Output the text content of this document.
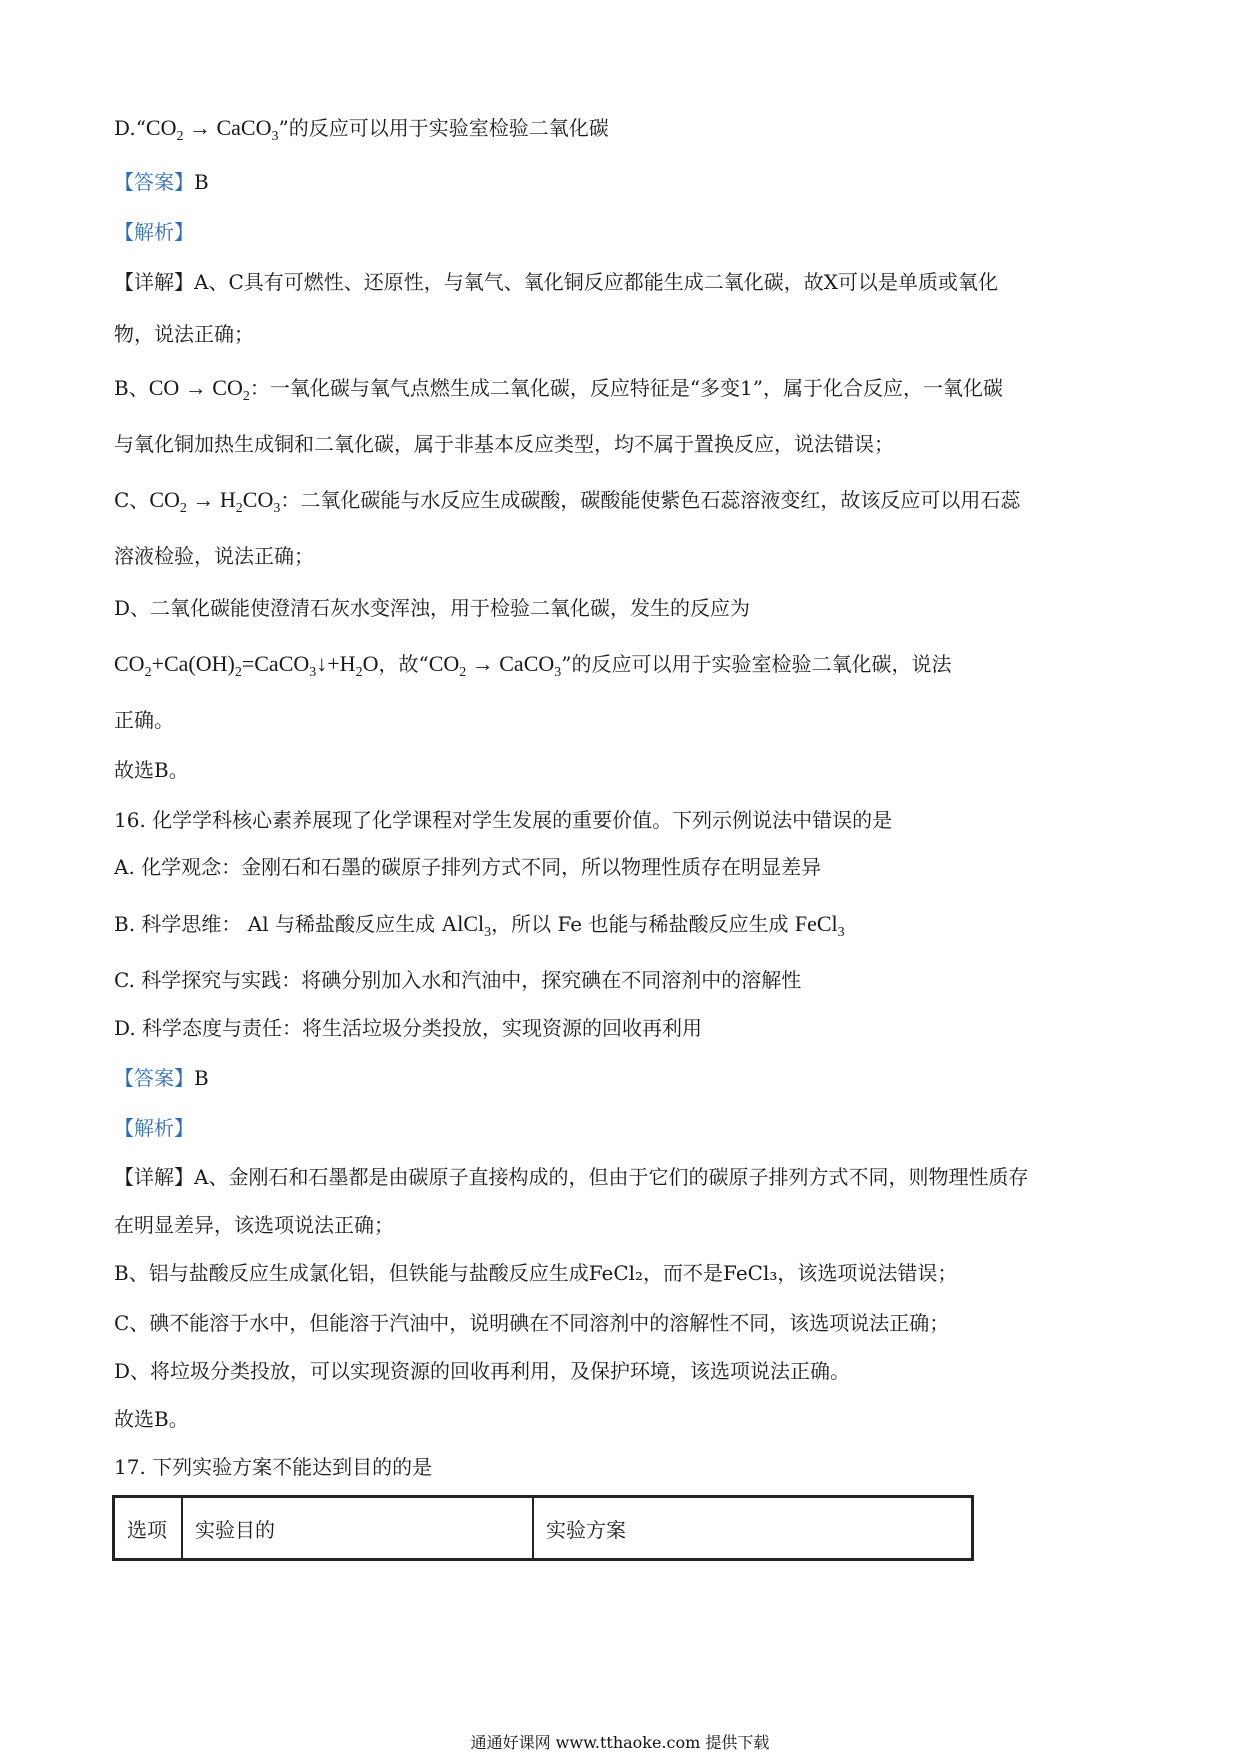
$D.“CO_2$ → CaCO$_3$”的反应可以用于实验室检验二氧化碳
【答案】B
【解析】
【详解】A、C具有可燃性、还原性，与氧气、氧化铜反应都能生成二氧化碳，故X可以是单质或氧化
物，说法正确；
B、CO → $CO_2$：一氧化碳与氧气点燃生成二氧化碳，反应特征是“多变1”，属于化合反应，一氧化碳
与氧化铜加热生成铜和二氧化碳，属于非基本反应类型，均不属于置换反应，说法错误；
C、$CO_2 \to H_2CO_3$：二氧化碳能与水反应生成碳酸，碳酸能使紫色石蕊溶液变红，故该反应可以用石蕊
溶液检验，说法正确；
D、二氧化碳能使澄清石灰水变浑浊，用于检验二氧化碳，发生的反应为
$CO_2+Ca(OH)_2=CaCO_3↓+H_2O$，故“$CO_2$ → CaCO$_3$”的反应可以用于实验室检验二氧化碳，说法
正确。
故选B。
16. 化学学科核心素养展现了化学课程对学生发展的重要价值。下列示例说法中错误的是
A. 化学观念：金刚石和石墨的碳原子排列方式不同，所以物理性质存在明显差异
B. 科学思维： Al 与稀盐酸反应生成 AlCl$_3$，所以 Fe 也能与稀盐酸反应生成 FeCl$_3$
C. 科学探究与实践：将碘分别加入水和汽油中，探究碘在不同溶剂中的溶解性
D. 科学态度与责任：将生活垃圾分类投放，实现资源的回收再利用
【答案】B
【解析】
【详解】A、金刚石和石墨都是由碳原子直接构成的，但由于它们的碳原子排列方式不同，则物理性质存
在明显差异，该选项说法正确；
B、铝与盐酸反应生成氯化铝，但铁能与盐酸反应生成FeCl₂，而不是FeCl₃，该选项说法错误；
C、碘不能溶于水中，但能溶于汽油中，说明碘在不同溶剂中的溶解性不同，该选项说法正确；
D、将垃圾分类投放，可以实现资源的回收再利用，及保护环境，该选项说法正确。
故选B。
17. 下列实验方案不能达到目的的是
选项	实验目的	实验方案
通通好课网 www.tthaoke.com 提供下载
